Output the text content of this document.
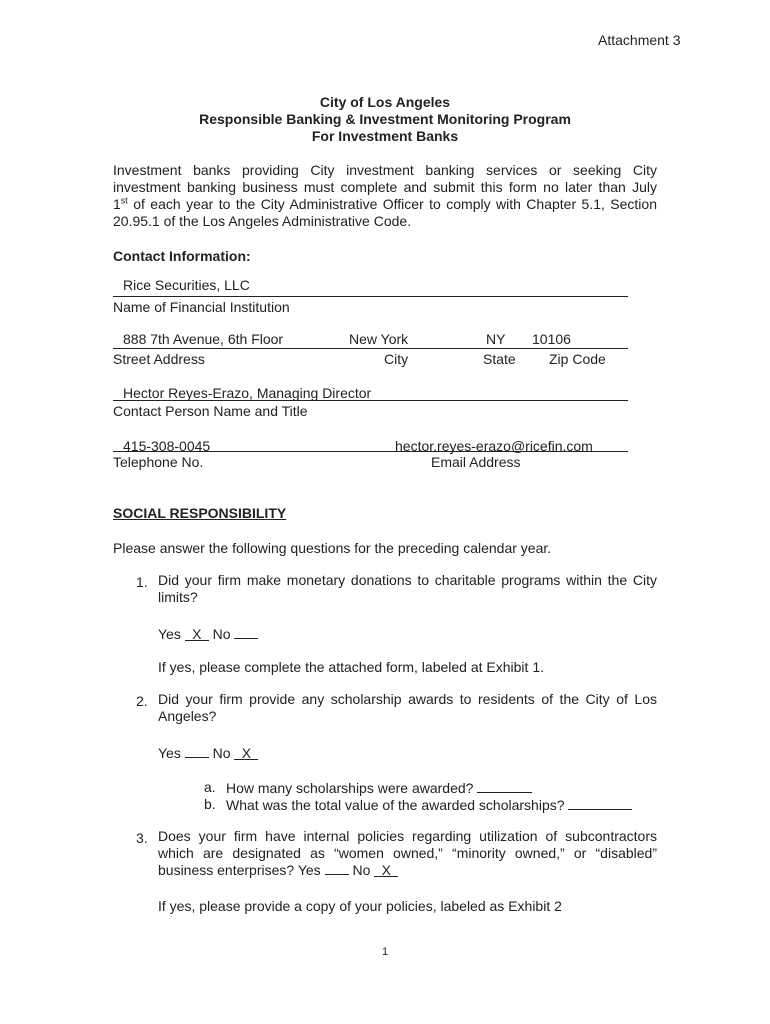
Attachment 3
City of Los Angeles
Responsible Banking & Investment Monitoring Program
For Investment Banks
Investment banks providing City investment banking services or seeking City
investment banking business must complete and submit this form no later than July
1st of each year to the City Administrative Officer to comply with Chapter 5.1, Section
20.95.1 of the Los Angeles Administrative Code.
Contact Information:
Rice Securities, LLC
Name of Financial Institution
888 7th Avenue, 6th Floor	New York	NY 10106
Street Address	City	State Zip Code
Hector Reyes-Erazo, Managing Director
Contact Person Name and Title
415-308-0045	hector.reyes-erazo@ricefin.com
Telephone No.	Email Address
SOCIAL RESPONSIBILITY
Please answer the following questions for the preceding calendar year.
1. Did your firm make monetary donations to charitable programs within the City
limits?
Yes X No
If yes, please complete the attached form, labeled at Exhibit 1.
2. Did your firm provide any scholarship awards to residents of the City of Los
Angeles?
Yes No X
a. How many scholarships were awarded?
b. What was the total value of the awarded scholarships?
3. Does your firm have internal policies regarding utilization of subcontractors
which are designated as “women owned,” “minority owned,” or “disabled”
business enterprises? Yes No X
If yes, please provide a copy of your policies, labeled as Exhibit 2
1
